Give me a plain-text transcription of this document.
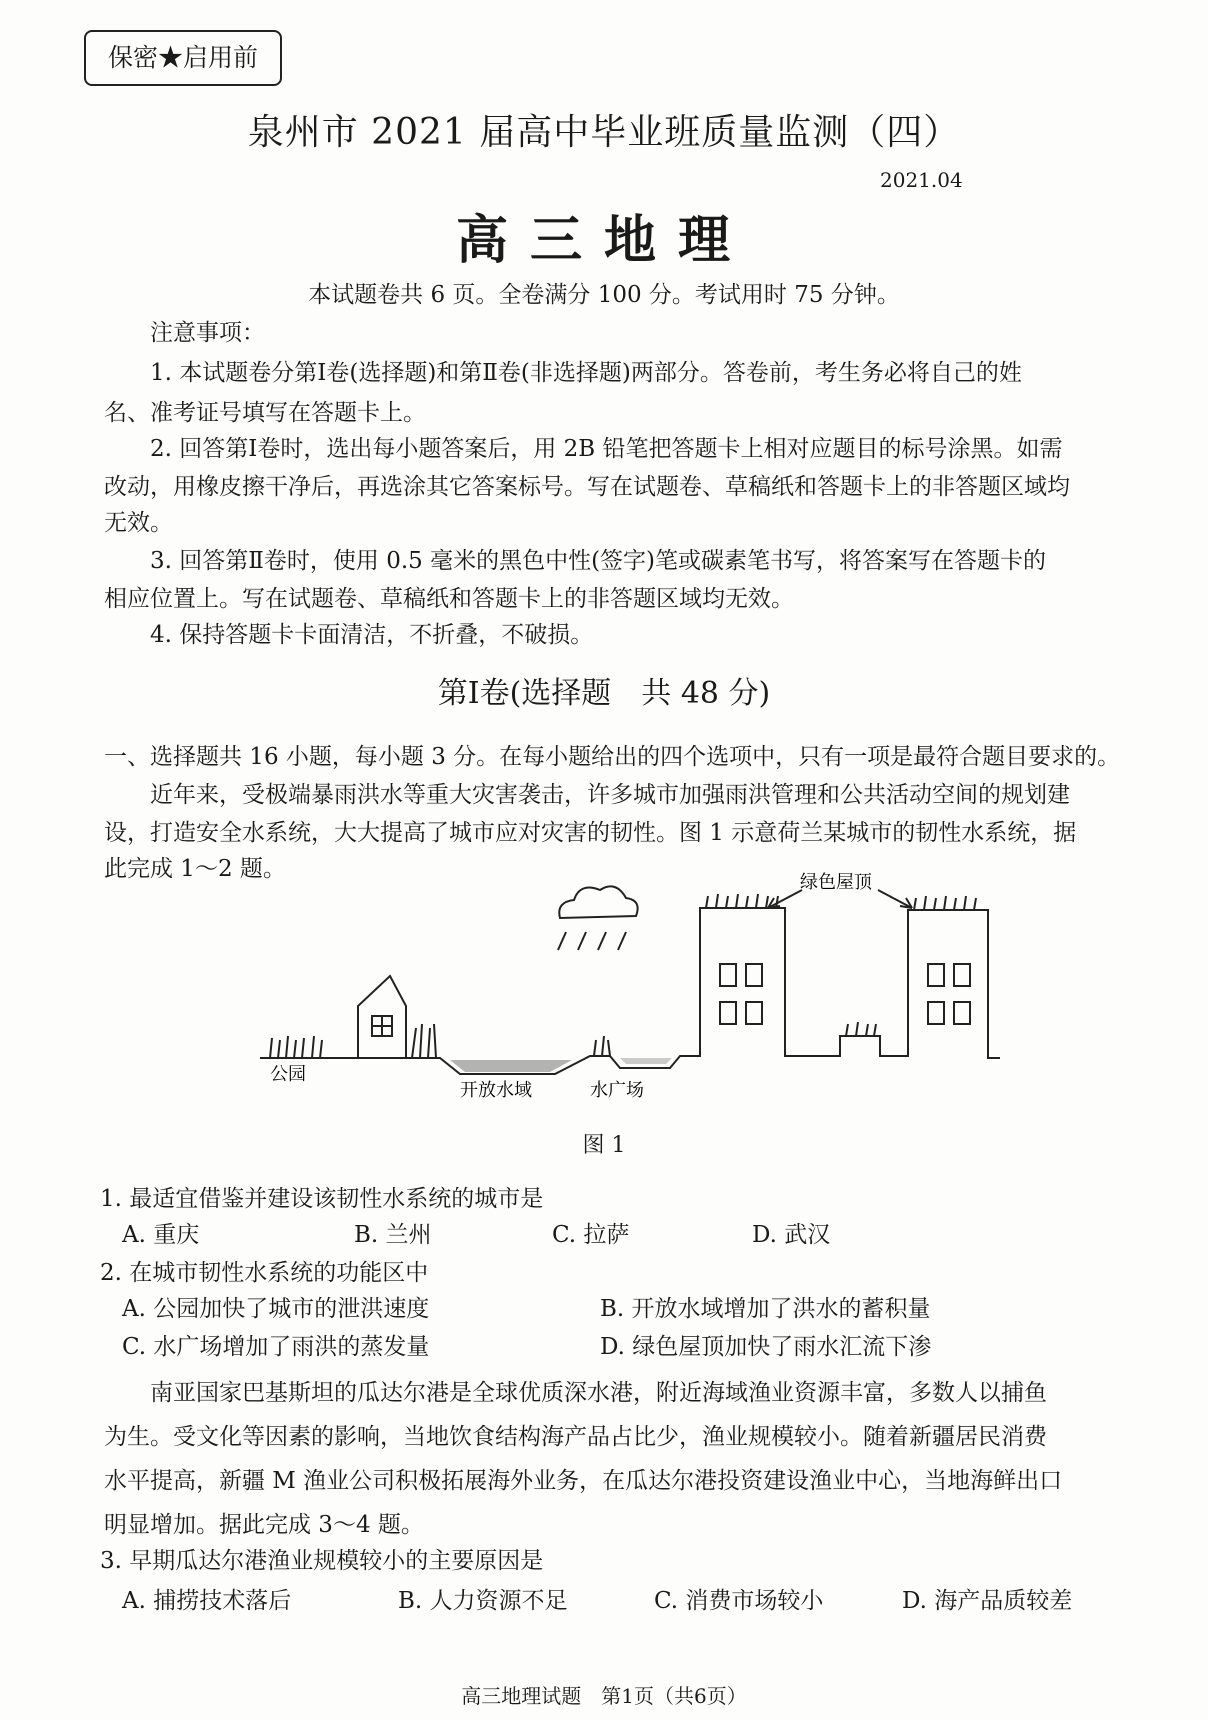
保密★启用前
泉州市 2021 届高中毕业班质量监测（四）
2021.04
高三地理
本试题卷共 6 页。全卷满分 100 分。考试用时 75 分钟。
注意事项：
1. 本试题卷分第Ⅰ卷(选择题)和第Ⅱ卷(非选择题)两部分。答卷前，考生务必将自己的姓
名、准考证号填写在答题卡上。
2. 回答第Ⅰ卷时，选出每小题答案后，用 2B 铅笔把答题卡上相对应题目的标号涂黑。如需
改动，用橡皮擦干净后，再选涂其它答案标号。写在试题卷、草稿纸和答题卡上的非答题区域均
无效。
3. 回答第Ⅱ卷时，使用 0.5 毫米的黑色中性(签字)笔或碳素笔书写，将答案写在答题卡的
相应位置上。写在试题卷、草稿纸和答题卡上的非答题区域均无效。
4. 保持答题卡卡面清洁，不折叠，不破损。
第Ⅰ卷(选择题　共 48 分)
一、选择题共 16 小题，每小题 3 分。在每小题给出的四个选项中，只有一项是最符合题目要求的。
近年来，受极端暴雨洪水等重大灾害袭击，许多城市加强雨洪管理和公共活动空间的规划建
设，打造安全水系统，大大提高了城市应对灾害的韧性。图 1 示意荷兰某城市的韧性水系统，据
此完成 1～2 题。
绿色屋顶
公园
开放水域	水广场
图 1
1. 最适宜借鉴并建设该韧性水系统的城市是
A. 重庆	B. 兰州	C. 拉萨	D. 武汉
2. 在城市韧性水系统的功能区中
A. 公园加快了城市的泄洪速度	B. 开放水域增加了洪水的蓄积量
C. 水广场增加了雨洪的蒸发量	D. 绿色屋顶加快了雨水汇流下渗
南亚国家巴基斯坦的瓜达尔港是全球优质深水港，附近海域渔业资源丰富，多数人以捕鱼
为生。受文化等因素的影响，当地饮食结构海产品占比少，渔业规模较小。随着新疆居民消费
水平提高，新疆 M 渔业公司积极拓展海外业务，在瓜达尔港投资建设渔业中心，当地海鲜出口
明显增加。据此完成 3～4 题。
3. 早期瓜达尔港渔业规模较小的主要原因是
A. 捕捞技术落后	B. 人力资源不足	C. 消费市场较小	D. 海产品质较差
高三地理试题　第1页（共6页）
